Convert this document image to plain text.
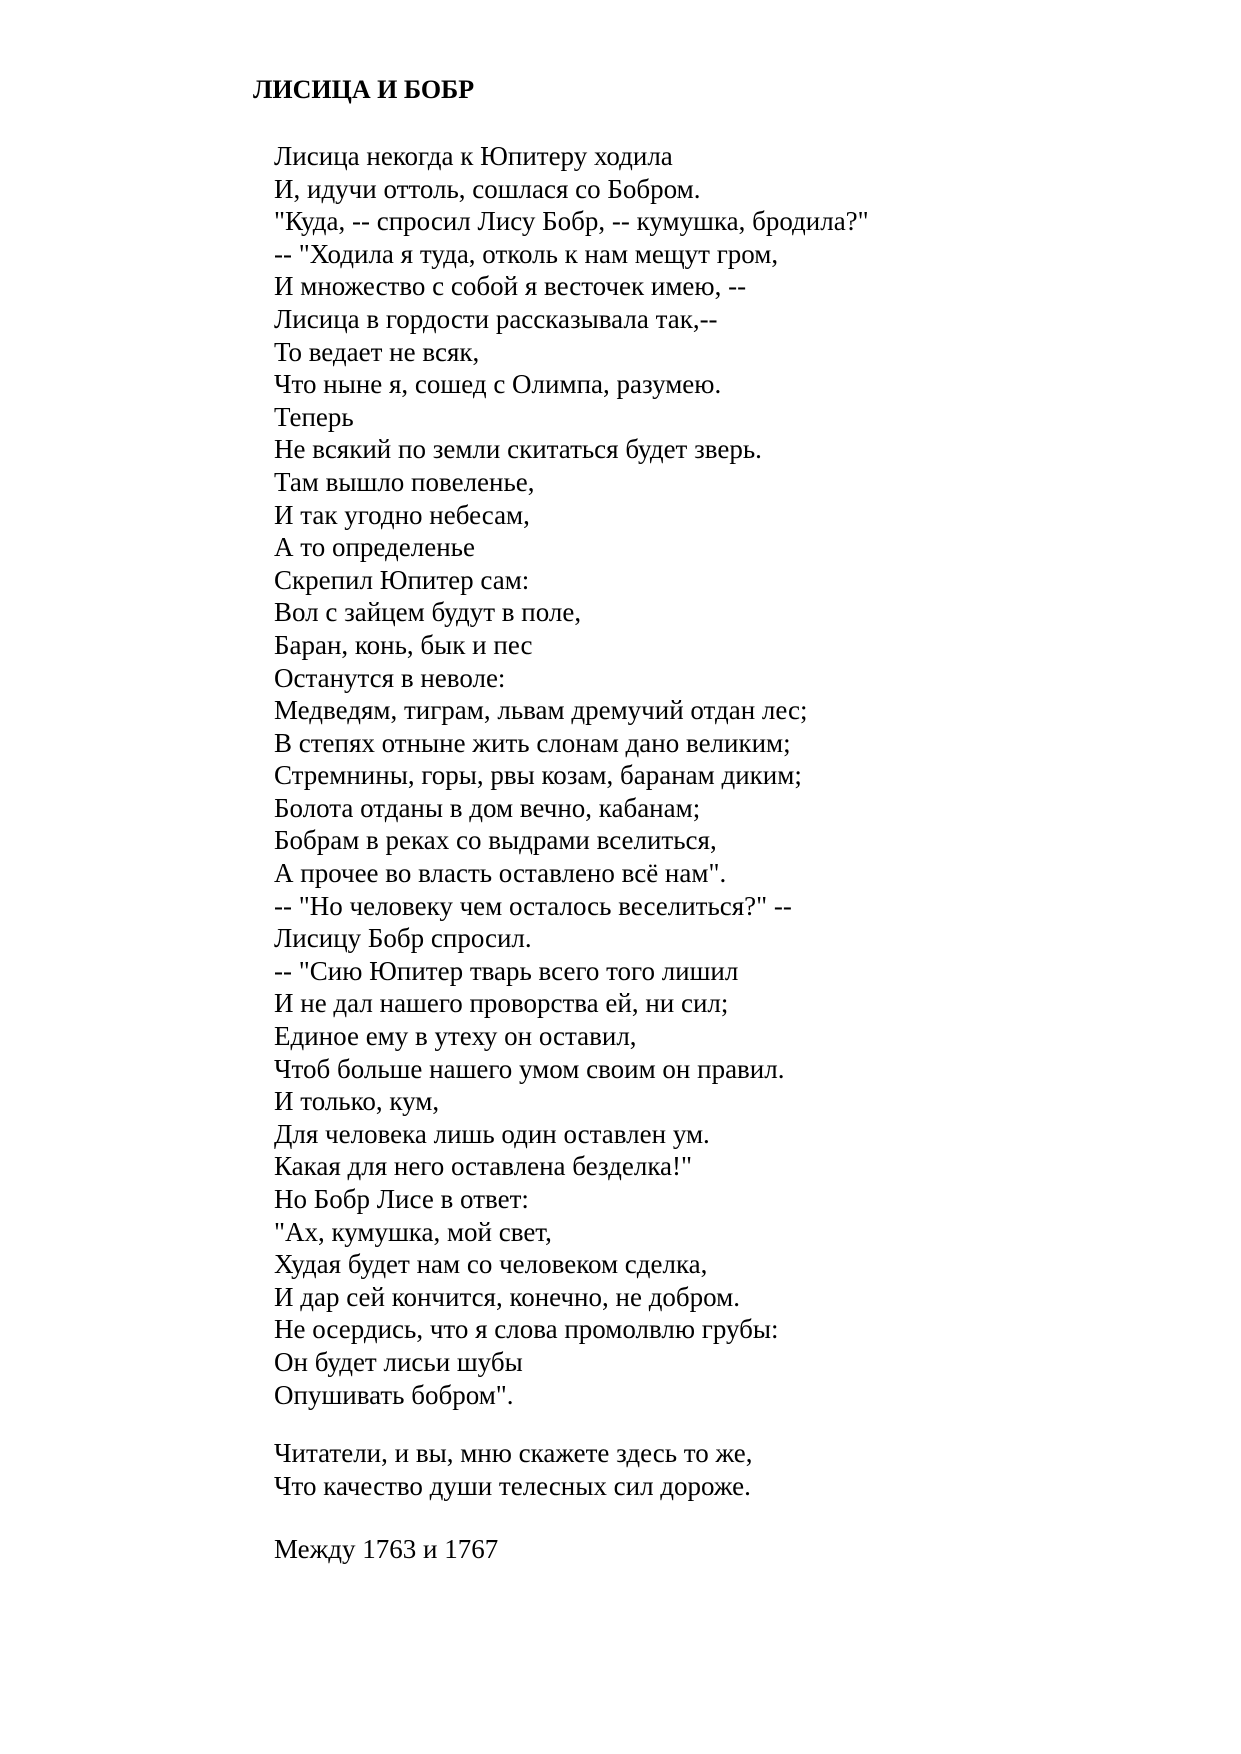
ЛИСИЦА И БОБР
Лисица некогда к Юпитеру ходила
И, идучи оттоль, сошлася со Бобром.
"Куда, -- спросил Лису Бобр, -- кумушка, бродила?"
-- "Ходила я туда, отколь к нам мещут гром,
И множество с собой я весточек имею, --
Лисица в гордости рассказывала так,--
То ведает не всяк,
Что ныне я, сошед с Олимпа, разумею.
Теперь
Не всякий по земли скитаться будет зверь.
Там вышло повеленье,
И так угодно небесам,
А то определенье
Скрепил Юпитер сам:
Вол с зайцем будут в поле,
Баран, конь, бык и пес
Останутся в неволе:
Медведям, тиграм, львам дремучий отдан лес;
В степях отныне жить слонам дано великим;
Стремнины, горы, рвы козам, баранам диким;
Болота отданы в дом вечно, кабанам;
Бобрам в реках со выдрами вселиться,
А прочее во власть оставлено всё нам".
-- "Но человеку чем осталось веселиться?" --
Лисицу Бобр спросил.
-- "Сию Юпитер тварь всего того лишил
И не дал нашего проворства ей, ни сил;
Единое ему в утеху он оставил,
Чтоб больше нашего умом своим он правил.
И только, кум,
Для человека лишь один оставлен ум.
Какая для него оставлена безделка!"
Но Бобр Лисе в ответ:
"Ах, кумушка, мой свет,
Худая будет нам со человеком сделка,
И дар сей кончится, конечно, не добром.
Не осердись, что я слова промолвлю грубы:
Он будет лисьи шубы
Опушивать бобром".
Читатели, и вы, мню скажете здесь то же,
Что качество души телесных сил дороже.
Между 1763 и 1767
